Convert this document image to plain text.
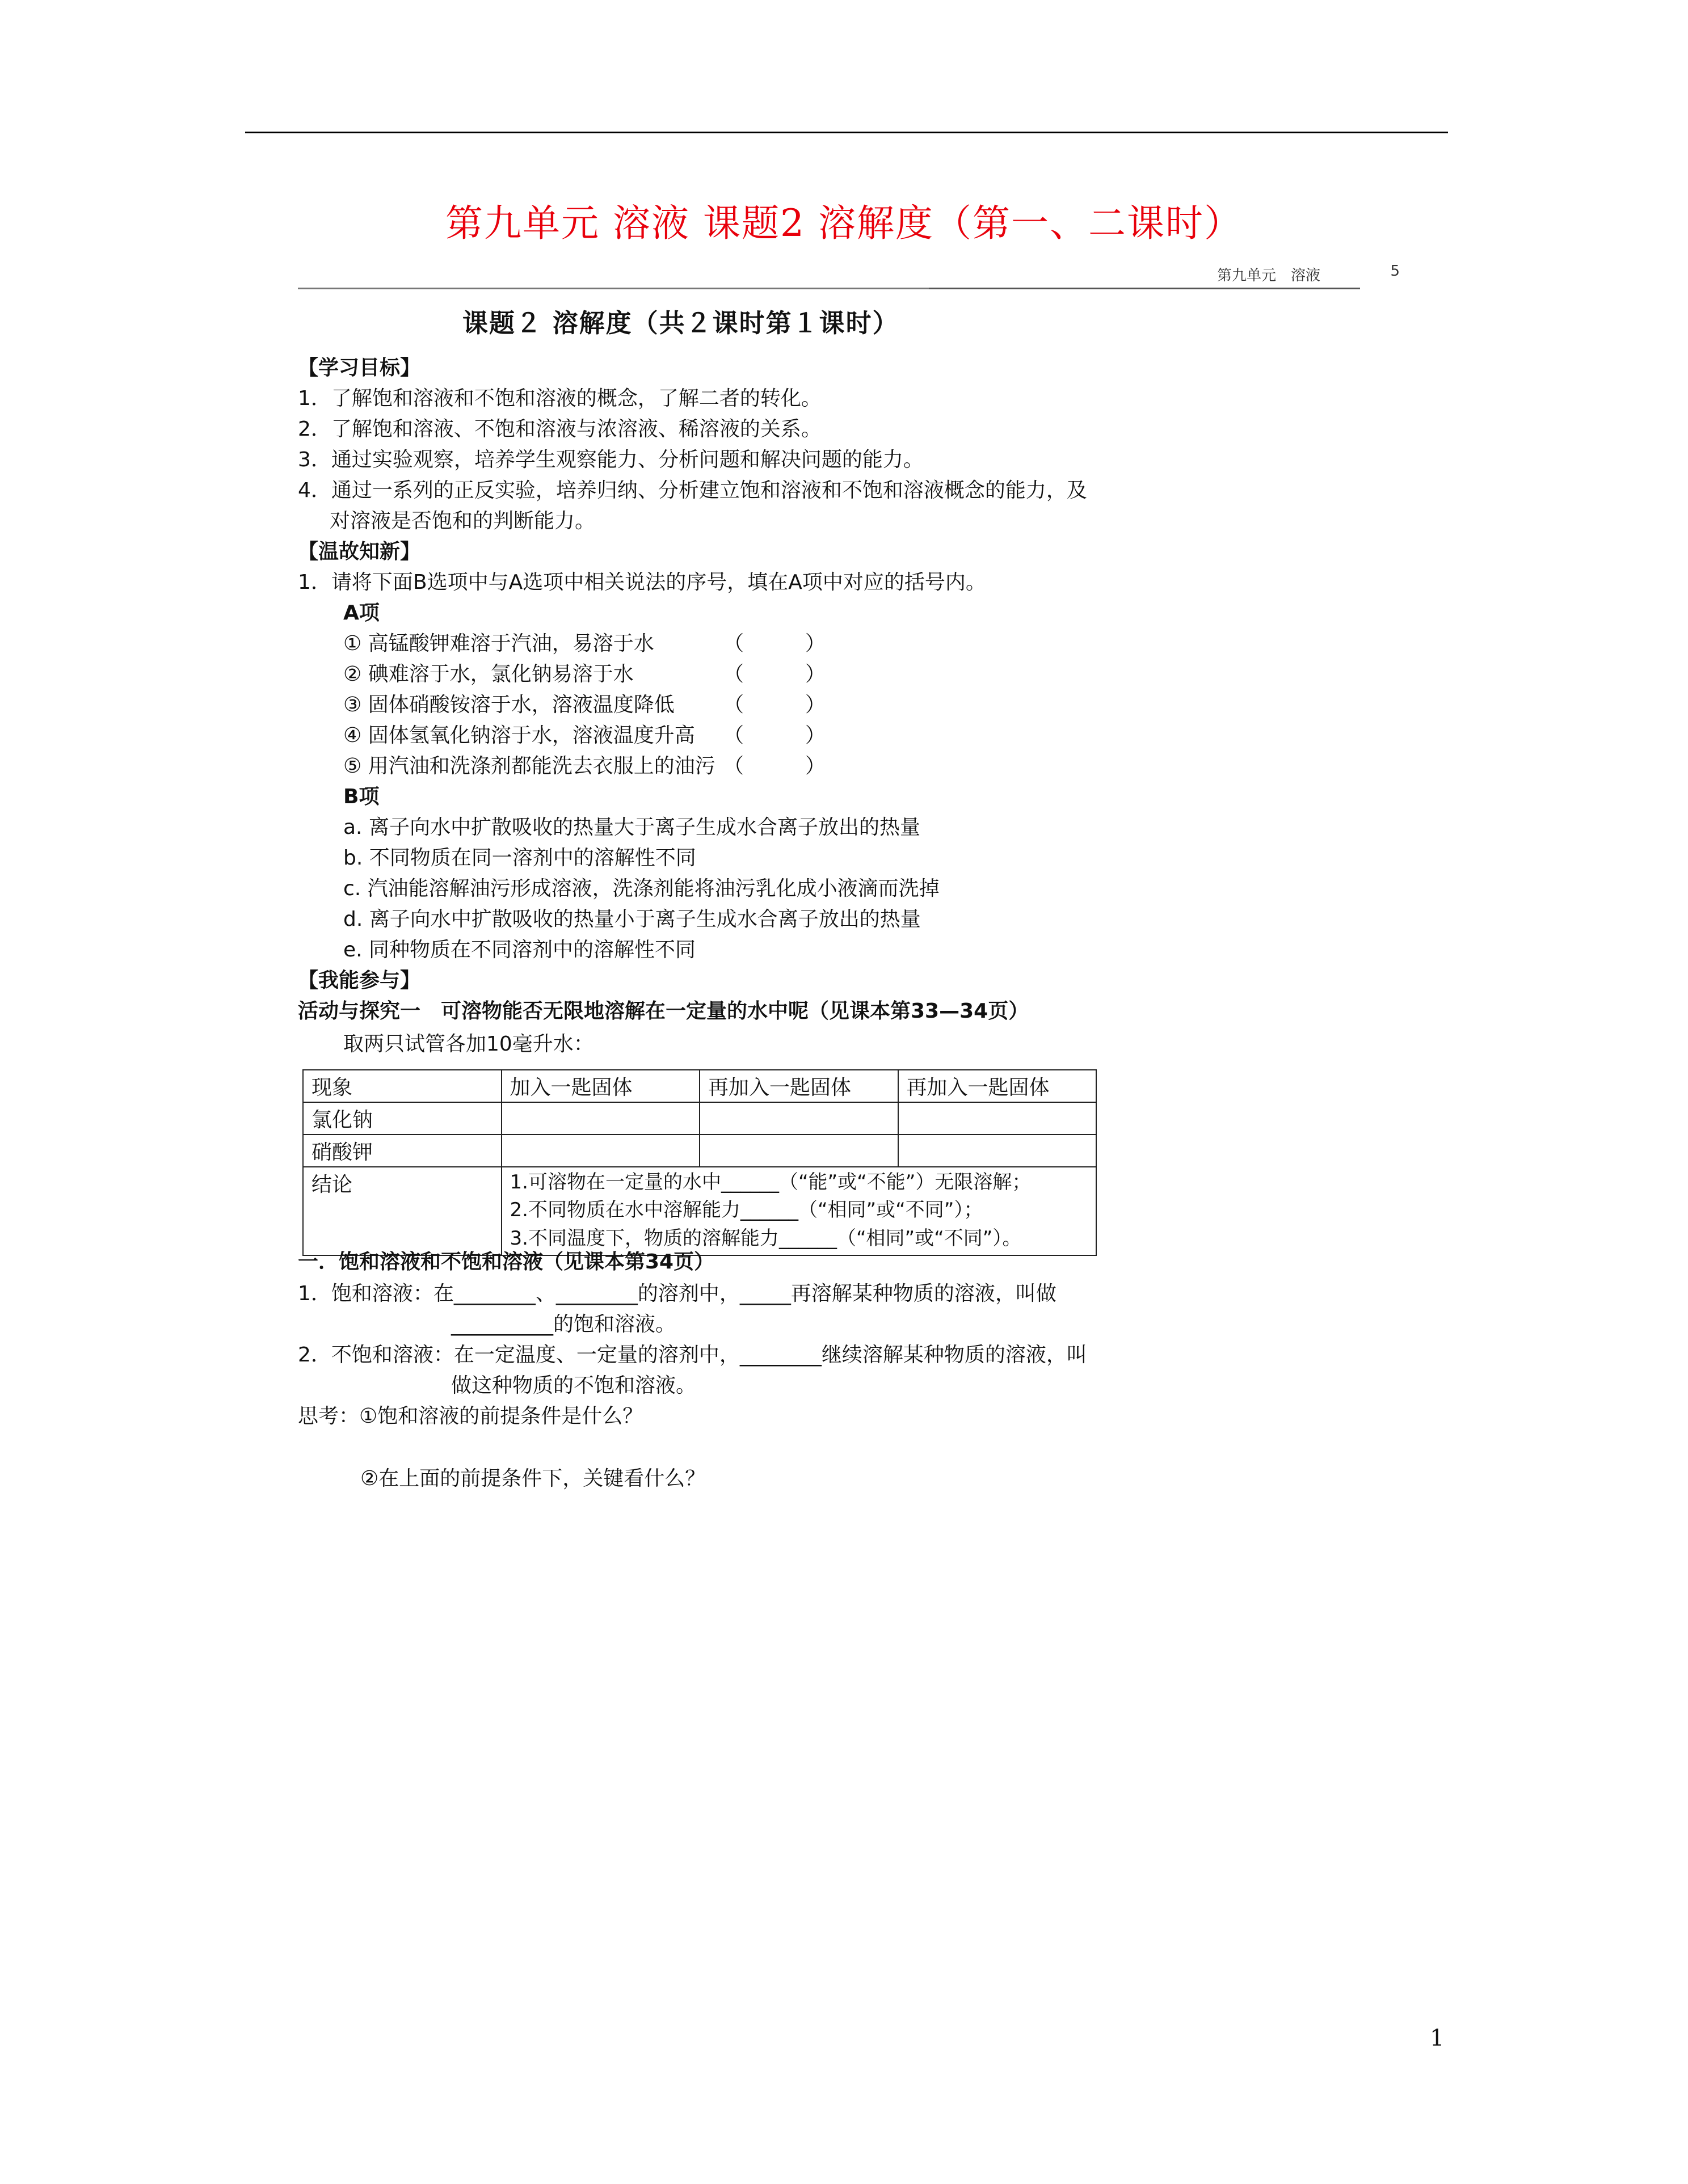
第九单元 溶液 课题2 溶解度（第一、二课时）
第九单元　溶液	5
课题２ 溶解度（共２课时第１课时）
【学习目标】
1．了解饱和溶液和不饱和溶液的概念，了解二者的转化。
2．了解饱和溶液、不饱和溶液与浓溶液、稀溶液的关系。
3．通过实验观察，培养学生观察能力、分析问题和解决问题的能力。
4．通过一系列的正反实验，培养归纳、分析建立饱和溶液和不饱和溶液概念的能力，及
对溶液是否饱和的判断能力。
【温故知新】
1．请将下面B选项中与A选项中相关说法的序号，填在A项中对应的括号内。
A项
① 高锰酸钾难溶于汽油，易溶于水	（　　　）
② 碘难溶于水，氯化钠易溶于水	（　　　）
③ 固体硝酸铵溶于水，溶液温度降低 （　　　）
④ 固体氢氧化钠溶于水，溶液温度升高 （　　　）
⑤ 用汽油和洗涤剂都能洗去衣服上的油污 （　　　）
B项
a. 离子向水中扩散吸收的热量大于离子生成水合离子放出的热量
b. 不同物质在同一溶剂中的溶解性不同
c. 汽油能溶解油污形成溶液，洗涤剂能将油污乳化成小液滴而洗掉
d. 离子向水中扩散吸收的热量小于离子生成水合离子放出的热量
e. 同种物质在不同溶剂中的溶解性不同
【我能参与】
活动与探究一　可溶物能否无限地溶解在一定量的水中呢（见课本第33—34页）
取两只试管各加10毫升水：
现象	加入一匙固体	再加入一匙固体	再加入一匙固体
氯化钠			
硝酸钾			
结论	1.可溶物在一定量的水中______（“能”或“不能”）无限溶解；
2.不同物质在水中溶解能力______（“相同”或“不同”）；
3.不同温度下，物质的溶解能力______（“相同”或“不同”）。		
一．饱和溶液和不饱和溶液（见课本第34页）
1．饱和溶液：在________、________的溶剂中，_____再溶解某种物质的溶液，叫做
__________的饱和溶液。
2．不饱和溶液：在一定温度、一定量的溶剂中，________继续溶解某种物质的溶液，叫
做这种物质的不饱和溶液。
思考：①饱和溶液的前提条件是什么？
②在上面的前提条件下，关键看什么？
1
